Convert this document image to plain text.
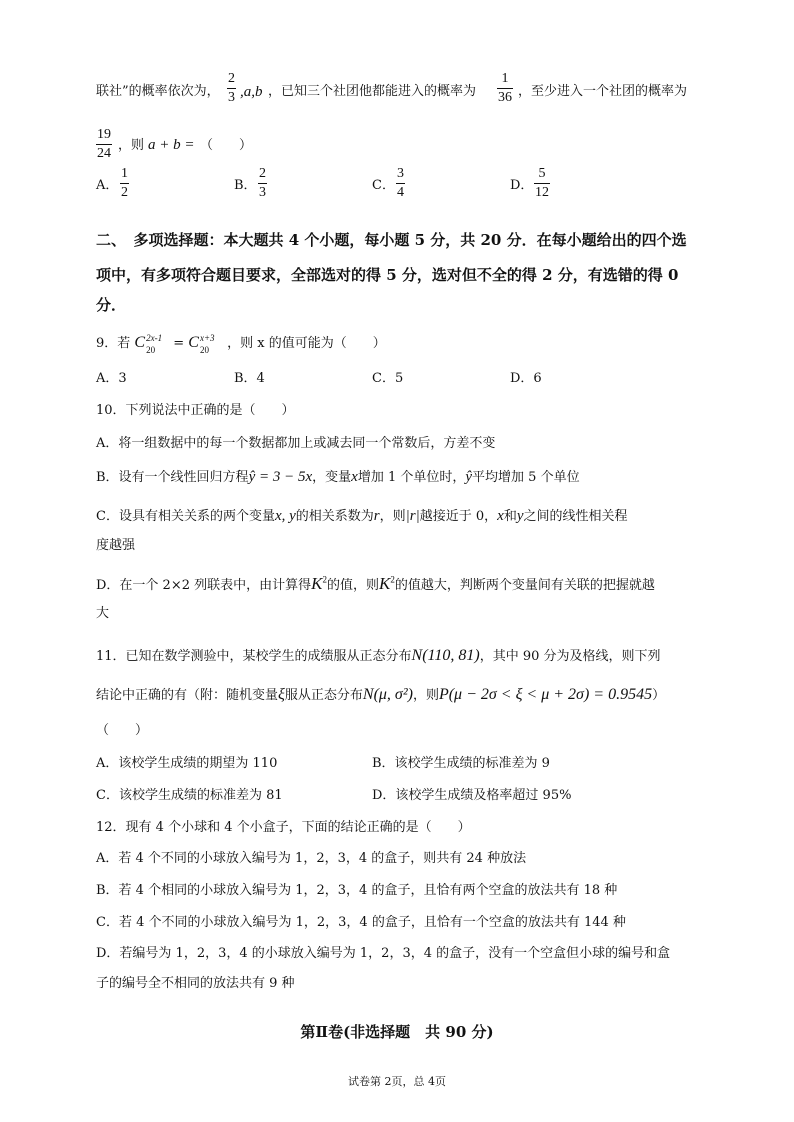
联社”的概率依次为，
2
3 ,a,b ，已知三个社团他都能进入的概率为
1
36 ，至少进入一个社团的概率为
19
24
，则 a + b = （　　）
A．
1
2	B．
2
3	C．
3
4	D．
5
12
二、　多项选择题：本大题共 4 个小题，每小题 5 分，共 20 分．在每小题给出的四个选
项中，有多项符合题目要求，全部选对的得 5 分，选对但不全的得 2 分，有选错的得 0
分．
9．若 C 2x-1
20 = C x+3
20 ，则 x 的值可能为（　　）
A．3	B．4	C．5	D．6
10．下列说法中正确的是（　　）
A．将一组数据中的每一个数据都加上或减去同一个常数后，方差不变
B．设有一个线性回归方程ŷ = 3 − 5x，变量x增加 1 个单位时，ŷ平均增加 5 个单位
C．设具有相关关系的两个变量x, y的相关系数为r，则|r|越接近于 0，x和y之间的线性相关程
度越强
D．在一个 2×2 列联表中，由计算得$K^2$的值，则$K^2$的值越大，判断两个变量间有关联的把握就越
大
11．已知在数学测验中，某校学生的成绩服从正态分布N(110, 81)，其中 90 分为及格线，则下列
结论中正确的有（附：随机变量ξ服从正态分布N(μ, σ²)，则P(μ − 2σ < ξ < μ + 2σ) = 0.9545）
（　　）
A．该校学生成绩的期望为 110	B．该校学生成绩的标准差为 9
C．该校学生成绩的标准差为 81	D．该校学生成绩及格率超过 95%
12．现有 4 个小球和 4 个小盒子，下面的结论正确的是（　　）
A．若 4 个不同的小球放入编号为 1，2，3，4 的盒子，则共有 24 种放法
B．若 4 个相同的小球放入编号为 1，2，3，4 的盒子，且恰有两个空盒的放法共有 18 种
C．若 4 个不同的小球放入编号为 1，2，3，4 的盒子，且恰有一个空盒的放法共有 144 种
D．若编号为 1，2，3，4 的小球放入编号为 1，2，3，4 的盒子，没有一个空盒但小球的编号和盒
子的编号全不相同的放法共有 9 种
第Ⅱ卷(非选择题　共 90 分)
试卷第 2页，总 4页
